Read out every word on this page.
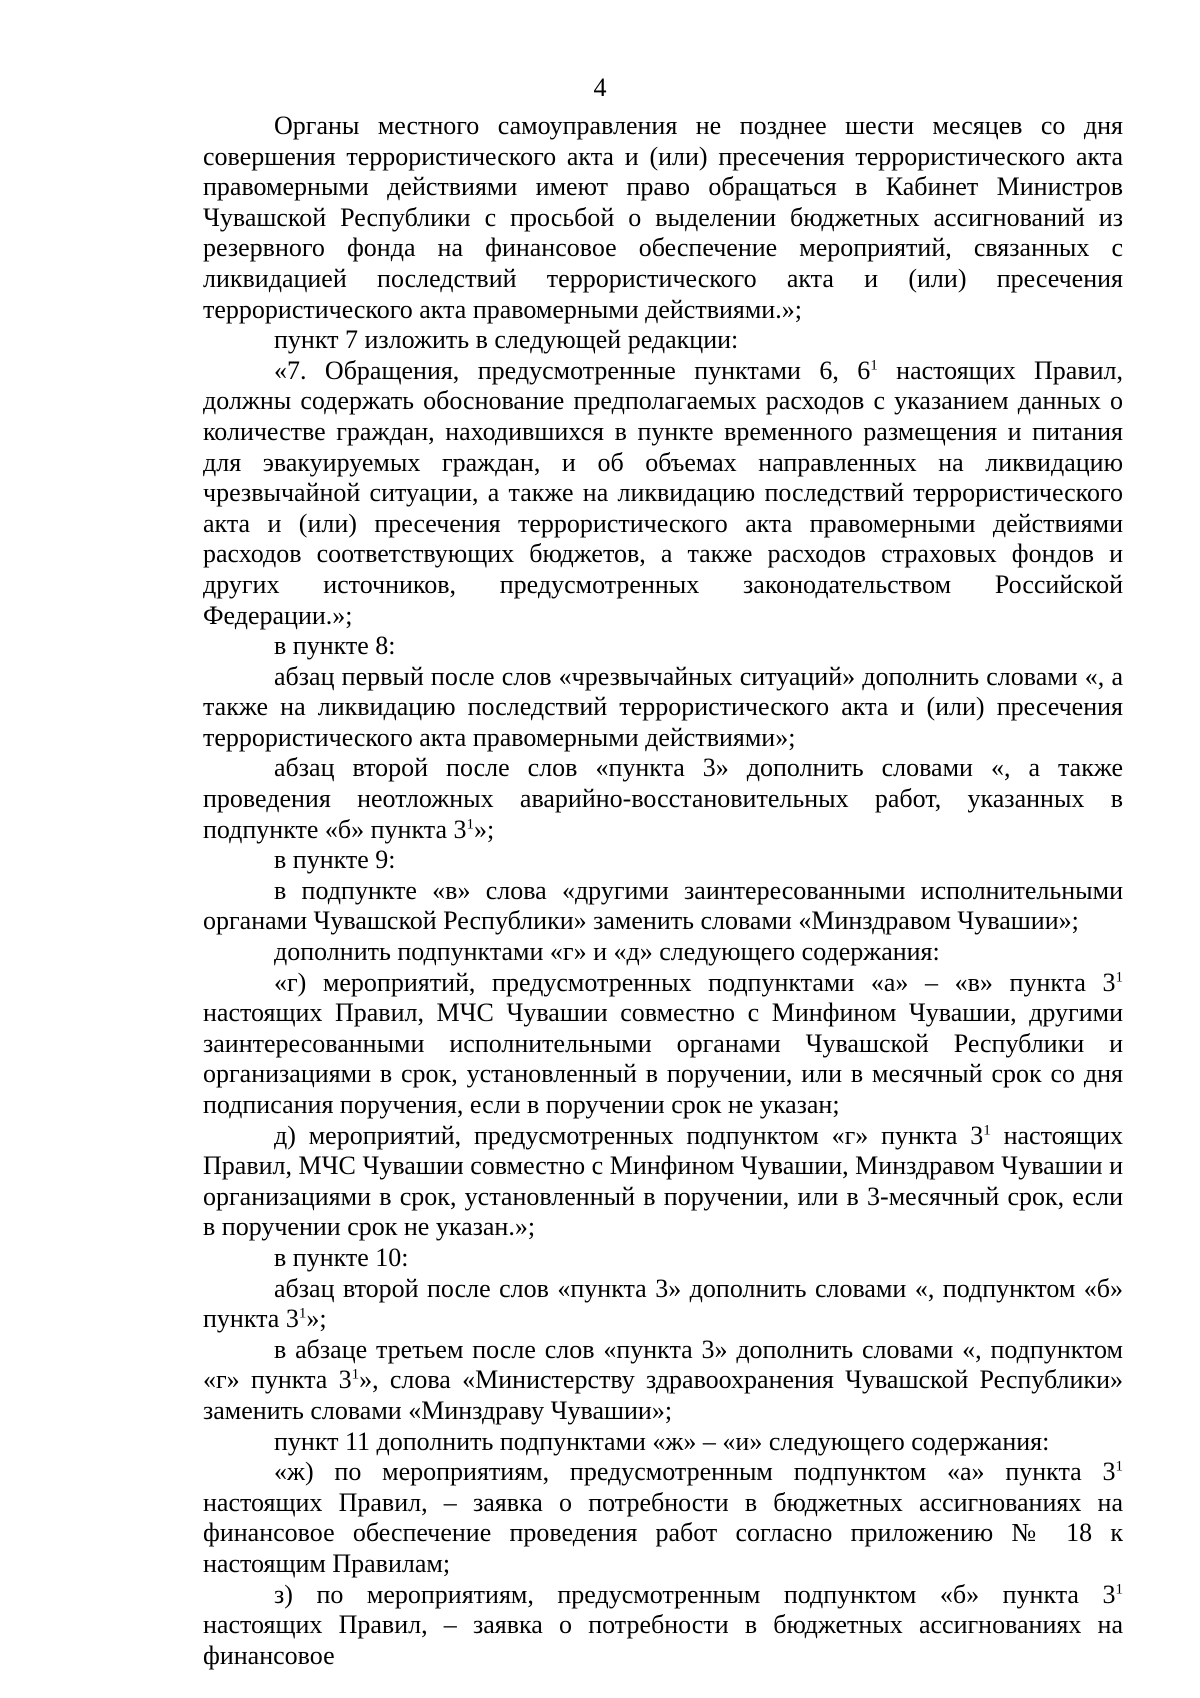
4

Органы местного самоуправления не позднее шести месяцев со дня совершения террористического акта и (или) пресечения террористического акта правомерными действиями имеют право обращаться в Кабинет Министров Чувашской Республики с просьбой о выделении бюджетных ассигнований из резервного фонда на финансовое обеспечение мероприятий, связанных с ликвидацией последствий террористического акта и (или) пресечения террористического акта правомерными действиями.»;

пункт 7 изложить в следующей редакции:

«7. Обращения, предусмотренные пунктами 6, $6^1$ настоящих Правил, должны содержать обоснование предполагаемых расходов с указанием данных о количестве граждан, находившихся в пункте временного размещения и питания для эвакуируемых граждан, и об объемах направленных на ликвидацию чрезвычайной ситуации, а также на ликвидацию последствий террористического акта и (или) пресечения террористического акта правомерными действиями расходов соответствующих бюджетов, а также расходов страховых фондов и других источников, предусмотренных законодательством Российской Федерации.»;

в пункте 8:

абзац первый после слов «чрезвычайных ситуаций» дополнить словами «, а также на ликвидацию последствий террористического акта и (или) пресечения террористического акта правомерными действиями»;

абзац второй после слов «пункта 3» дополнить словами «, а также проведения неотложных аварийно-восстановительных работ, указанных в подпункте «б» пункта $3^1$»;

в пункте 9:

в подпункте «в» слова «другими заинтересованными исполнительными органами Чувашской Республики» заменить словами «Минздравом Чувашии»;

дополнить подпунктами «г» и «д» следующего содержания:

«г) мероприятий, предусмотренных подпунктами «а» – «в» пункта $3^1$ настоящих Правил, МЧС Чувашии совместно с Минфином Чувашии, другими заинтересованными исполнительными органами Чувашской Республики и организациями в срок, установленный в поручении, или в месячный срок со дня подписания поручения, если в поручении срок не указан;

д) мероприятий, предусмотренных подпунктом «г» пункта $3^1$ настоящих Правил, МЧС Чувашии совместно с Минфином Чувашии, Минздравом Чувашии и организациями в срок, установленный в поручении, или в 3-месячный срок, если в поручении срок не указан.»;

в пункте 10:

абзац второй после слов «пункта 3» дополнить словами «, подпунктом «б» пункта $3^1$»;

в абзаце третьем после слов «пункта 3» дополнить словами «, подпунктом «г» пункта $3^1$», слова «Министерству здравоохранения Чувашской Республики» заменить словами «Минздраву Чувашии»;

пункт 11 дополнить подпунктами «ж» – «и» следующего содержания:

«ж) по мероприятиям, предусмотренным подпунктом «а» пункта $3^1$ настоящих Правил, – заявка о потребности в бюджетных ассигнованиях на финансовое обеспечение проведения работ согласно приложению № 18 к настоящим Правилам;

з) по мероприятиям, предусмотренным подпунктом «б» пункта $3^1$ настоящих Правил, – заявка о потребности в бюджетных ассигнованиях на финансовое
